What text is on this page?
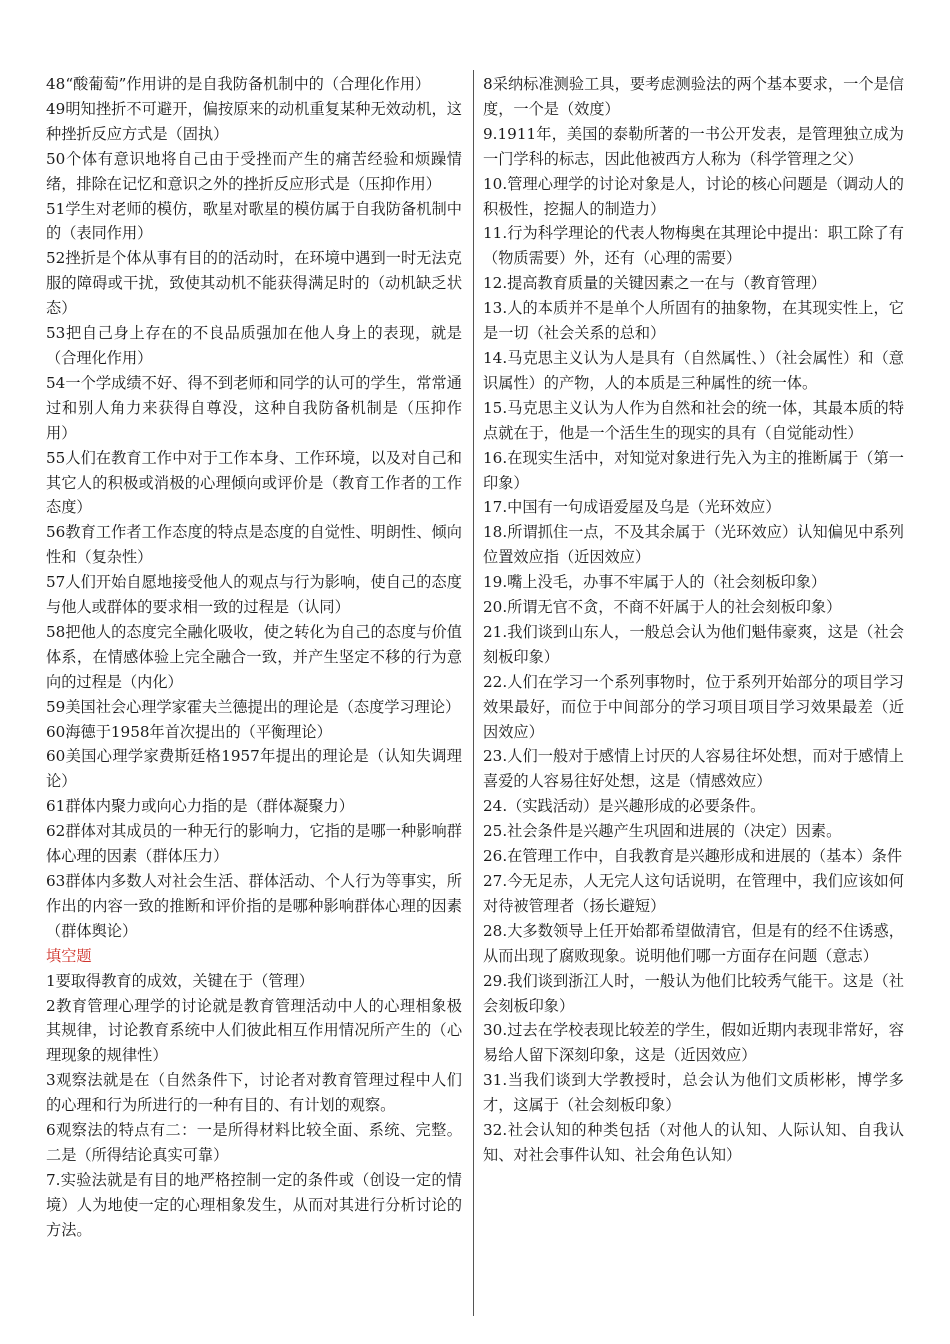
48“酸葡萄”作用讲的是自我防备机制中的（合理化作用）

49明知挫折不可避开，偏按原来的动机重复某种无效动机，这种挫折反应方式是（固执）

50个体有意识地将自己由于受挫而产生的痛苦经验和烦躁情绪，排除在记忆和意识之外的挫折反应形式是（压抑作用）

51学生对老师的模仿，歌星对歌星的模仿属于自我防备机制中的（表同作用）

52挫折是个体从事有目的的活动时，在环境中遇到一时无法克服的障碍或干扰，致使其动机不能获得满足时的（动机缺乏状态）

53把自己身上存在的不良品质强加在他人身上的表现，就是（合理化作用）

54一个学成绩不好、得不到老师和同学的认可的学生，常常通过和别人角力来获得自尊没，这种自我防备机制是（压抑作用）

55人们在教育工作中对于工作本身、工作环境，以及对自己和其它人的积极或消极的心理倾向或评价是（教育工作者的工作态度）

56教育工作者工作态度的特点是态度的自觉性、明朗性、倾向性和（复杂性）

57人们开始自愿地接受他人的观点与行为影响，使自己的态度与他人或群体的要求相一致的过程是（认同）

58把他人的态度完全融化吸收，使之转化为自己的态度与价值体系，在情感体验上完全融合一致，并产生坚定不移的行为意向的过程是（内化）

59美国社会心理学家霍夫兰德提出的理论是（态度学习理论）

60海德于1958年首次提出的（平衡理论）

60美国心理学家费斯廷格1957年提出的理论是（认知失调理论）

61群体内聚力或向心力指的是（群体凝聚力）

62群体对其成员的一种无行的影响力，它指的是哪一种影响群体心理的因素（群体压力）

63群体内多数人对社会生活、群体活动、个人行为等事实，所作出的内容一致的推断和评价指的是哪种影响群体心理的因素（群体舆论）

填空题

1要取得教育的成效，关键在于（管理）

2教育管理心理学的讨论就是教育管理活动中人的心理相象极其规律，讨论教育系统中人们彼此相互作用情况所产生的（心理现象的规律性）

3观察法就是在（自然条件下，讨论者对教育管理过程中人们的心理和行为所进行的一种有目的、有计划的观察。

6观察法的特点有二：一是所得材料比较全面、系统、完整。二是（所得结论真实可靠）

7.实验法就是有目的地严格控制一定的条件或（创设一定的情境）人为地使一定的心理相象发生，从而对其进行分析讨论的方法。

8采纳标准测验工具，要考虑测验法的两个基本要求，一个是信度，一个是（效度）

9.1911年，美国的泰勒所著的一书公开发表，是管理独立成为一门学科的标志，因此他被西方人称为（科学管理之父）

10.管理心理学的讨论对象是人，讨论的核心问题是（调动人的积极性，挖掘人的制造力）

11.行为科学理论的代表人物梅奥在其理论中提出：职工除了有（物质需要）外，还有（心理的需要）

12.提高教育质量的关键因素之一在与（教育管理）

13.人的本质并不是单个人所固有的抽象物，在其现实性上，它是一切（社会关系的总和）

14.马克思主义认为人是具有（自然属性、）（社会属性）和（意识属性）的产物，人的本质是三种属性的统一体。

15.马克思主义认为人作为自然和社会的统一体，其最本质的特点就在于，他是一个活生生的现实的具有（自觉能动性）

16.在现实生活中，对知觉对象进行先入为主的推断属于（第一印象）

17.中国有一句成语爱屋及乌是（光环效应）

18.所谓抓住一点，不及其余属于（光环效应）认知偏见中系列位置效应指（近因效应）

19.嘴上没毛，办事不牢属于人的（社会刻板印象）

20.所谓无官不贪，不商不奸属于人的社会刻板印象）

21.我们谈到山东人，一般总会认为他们魁伟豪爽，这是（社会刻板印象）

22.人们在学习一个系列事物时，位于系列开始部分的项目学习效果最好，而位于中间部分的学习项目项目学习效果最差（近因效应）

23.人们一般对于感情上讨厌的人容易往坏处想，而对于感情上喜爱的人容易往好处想，这是（情感效应）

24.（实践活动）是兴趣形成的必要条件。

25.社会条件是兴趣产生巩固和进展的（决定）因素。

26.在管理工作中，自我教育是兴趣形成和进展的（基本）条件

27.今无足赤，人无完人这句话说明，在管理中，我们应该如何对待被管理者（扬长避短）

28.大多数领导上任开始都希望做清官，但是有的经不住诱惑，从而出现了腐败现象。说明他们哪一方面存在问题（意志）

29.我们谈到浙江人时，一般认为他们比较秀气能干。这是（社会刻板印象）

30.过去在学校表现比较差的学生，假如近期内表现非常好，容易给人留下深刻印象，这是（近因效应）

31.当我们谈到大学教授时，总会认为他们文质彬彬，博学多才，这属于（社会刻板印象）

32.社会认知的种类包括（对他人的认知、人际认知、自我认知、对社会事件认知、社会角色认知）
